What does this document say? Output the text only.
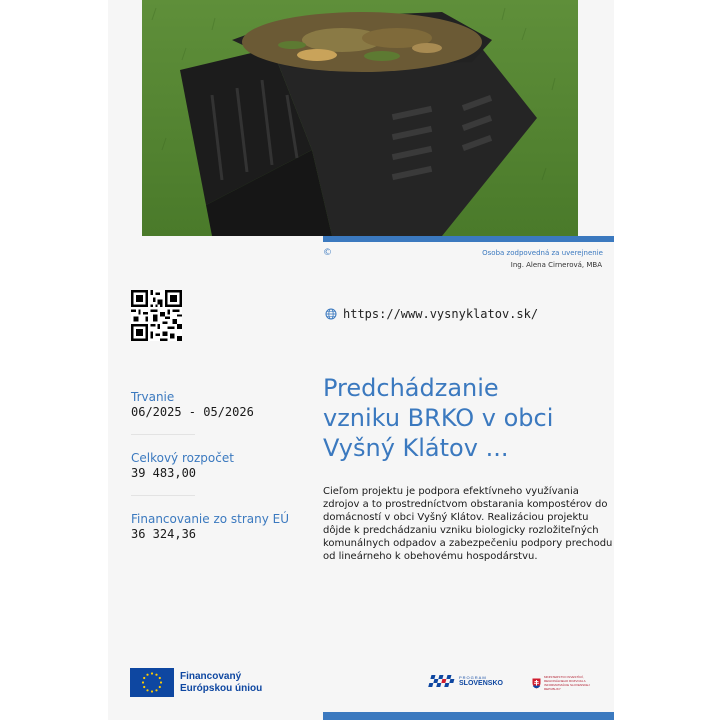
©	Osoba zodpovedná za uverejnenie
Ing. Alena Cirnerová, MBA
https://www.vysnyklatov.sk/
Predchádzanie vzniku BRKO v obci Vyšný Klátov ...
Cieľom projektu je podpora efektívneho využívania zdrojov a to prostredníctvom obstarania kompostérov do domácností v obci Vyšný Klátov. Realizáciou projektu dôjde k predchádzaniu vzniku biologicky rozložiteľných komunálnych odpadov a zabezpečeniu podpory prechodu od lineárneho k obehovému hospodárstvu.
Trvanie
06/2025 - 05/2026
Celkový rozpočet
39 483,00
Financovanie zo strany EÚ
36 324,36
Financovaný
Európskou úniou
PROGRAM
SLOVENSKO
MINISTERSTVO INVESTÍCIÍ, REGIONÁLNEHO ROZVOJA A INFORMATIZÁCIE SLOVENSKEJ REPUBLIKY
